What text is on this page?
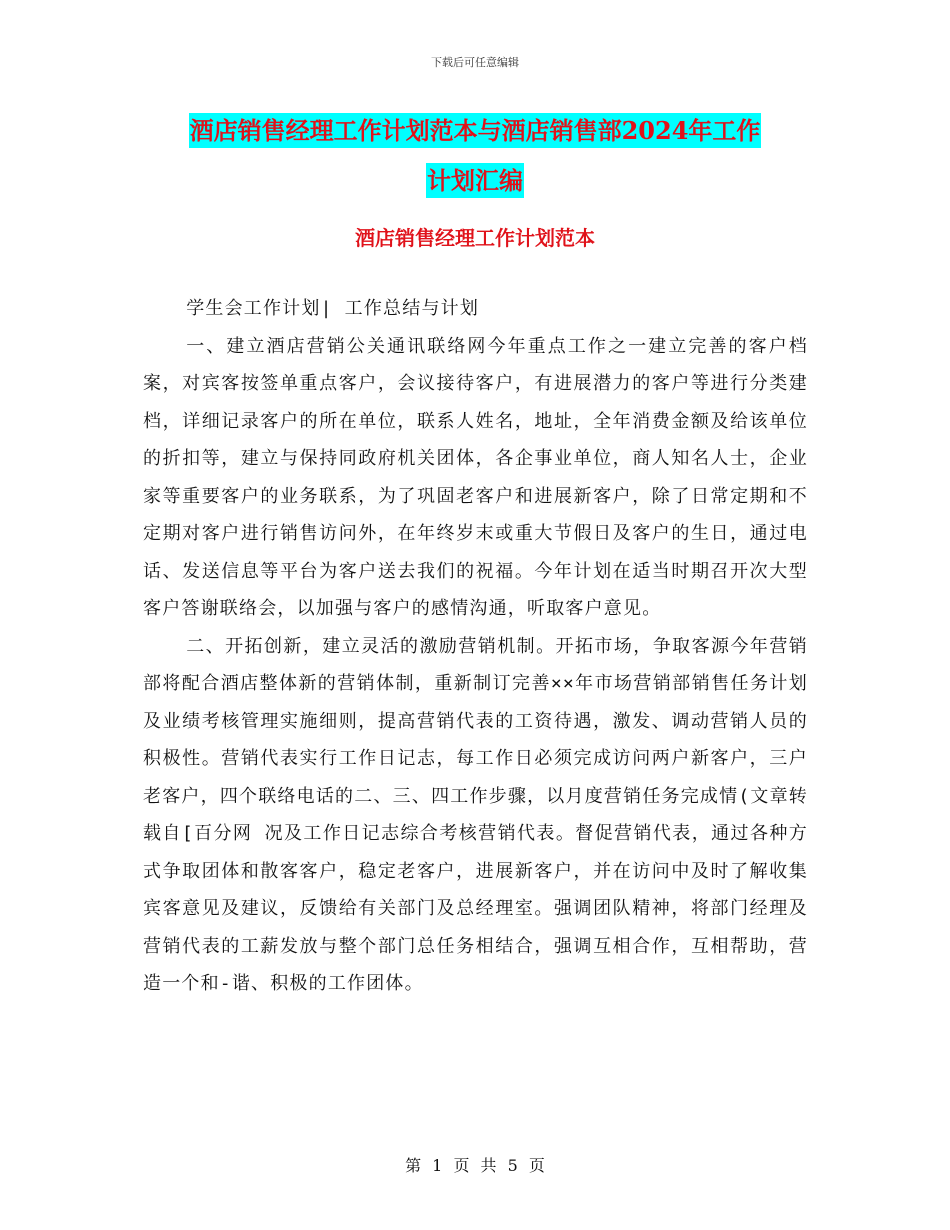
下载后可任意编辑
酒店销售经理工作计划范本与酒店销售部2024年工作
计划汇编
酒店销售经理工作计划范本

学生会工作计划| 工作总结与计划

一、建立酒店营销公关通讯联络网今年重点工作之一建立完善的客户档案，对宾客按签单重点客户，会议接待客户，有进展潜力的客户等进行分类建档，详细记录客户的所在单位，联系人姓名，地址，全年消费金额及给该单位的折扣等，建立与保持同政府机关团体，各企事业单位，商人知名人士，企业家等重要客户的业务联系，为了巩固老客户和进展新客户，除了日常定期和不定期对客户进行销售访问外，在年终岁末或重大节假日及客户的生日，通过电话、发送信息等平台为客户送去我们的祝福。今年计划在适当时期召开次大型客户答谢联络会，以加强与客户的感情沟通，听取客户意见。

二、开拓创新，建立灵活的激励营销机制。开拓市场，争取客源今年营销部将配合酒店整体新的营销体制，重新制订完善××年市场营销部销售任务计划及业绩考核管理实施细则，提高营销代表的工资待遇，激发、调动营销人员的积极性。营销代表实行工作日记志，每工作日必须完成访问两户新客户，三户老客户，四个联络电话的二、三、四工作步骤，以月度营销任务完成情(文章转载自[百分网 况及工作日记志综合考核营销代表。督促营销代表，通过各种方式争取团体和散客客户，稳定老客户，进展新客户，并在访问中及时了解收集宾客意见及建议，反馈给有关部门及总经理室。强调团队精神，将部门经理及营销代表的工薪发放与整个部门总任务相结合，强调互相合作，互相帮助，营造一个和-谐、积极的工作团体。

第 1 页 共 5 页
